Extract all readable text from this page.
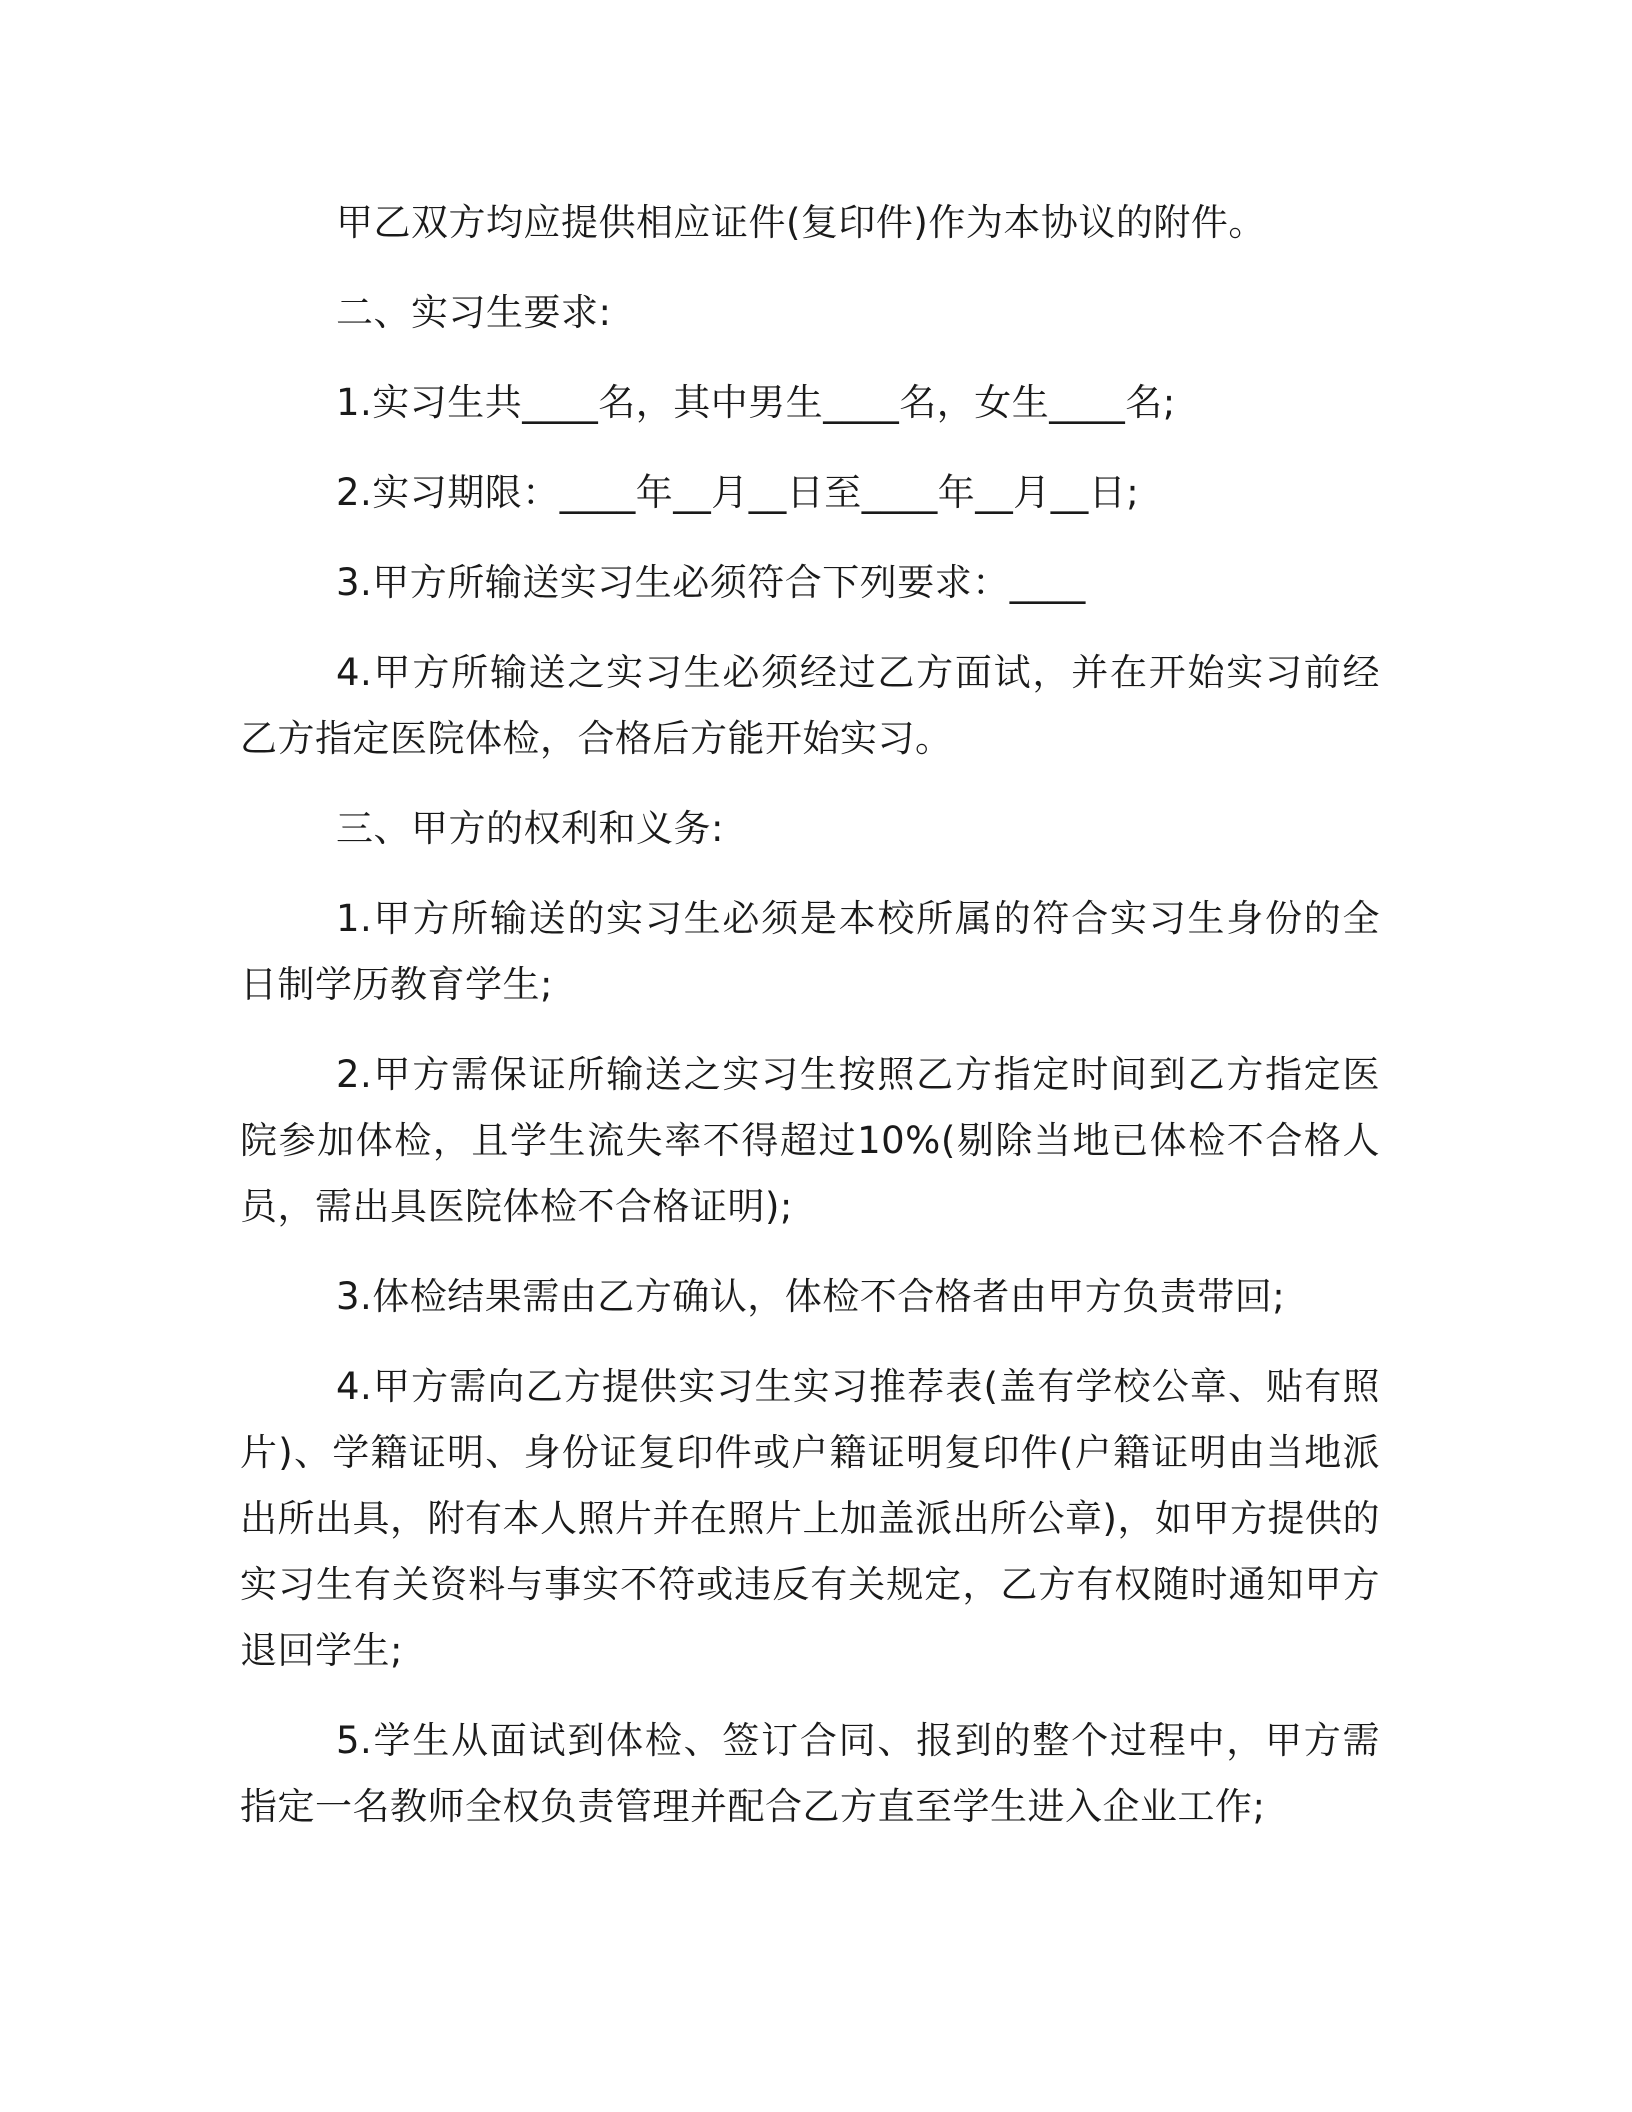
甲乙双方均应提供相应证件(复印件)作为本协议的附件。

二、实习生要求:

1.实习生共____名，其中男生____名，女生____名;

2.实习期限：____年__月__日至____年__月__日;

3.甲方所输送实习生必须符合下列要求：____

4.甲方所输送之实习生必须经过乙方面试，并在开始实习前经乙方指定医院体检，合格后方能开始实习。

三、甲方的权利和义务:

1.甲方所输送的实习生必须是本校所属的符合实习生身份的全日制学历教育学生;

2.甲方需保证所输送之实习生按照乙方指定时间到乙方指定医院参加体检，且学生流失率不得超过10%(剔除当地已体检不合格人员，需出具医院体检不合格证明);

3.体检结果需由乙方确认，体检不合格者由甲方负责带回;

4.甲方需向乙方提供实习生实习推荐表(盖有学校公章、贴有照片)、学籍证明、身份证复印件或户籍证明复印件(户籍证明由当地派出所出具，附有本人照片并在照片上加盖派出所公章)，如甲方提供的实习生有关资料与事实不符或违反有关规定，乙方有权随时通知甲方退回学生;

5.学生从面试到体检、签订合同、报到的整个过程中，甲方需指定一名教师全权负责管理并配合乙方直至学生进入企业工作;
